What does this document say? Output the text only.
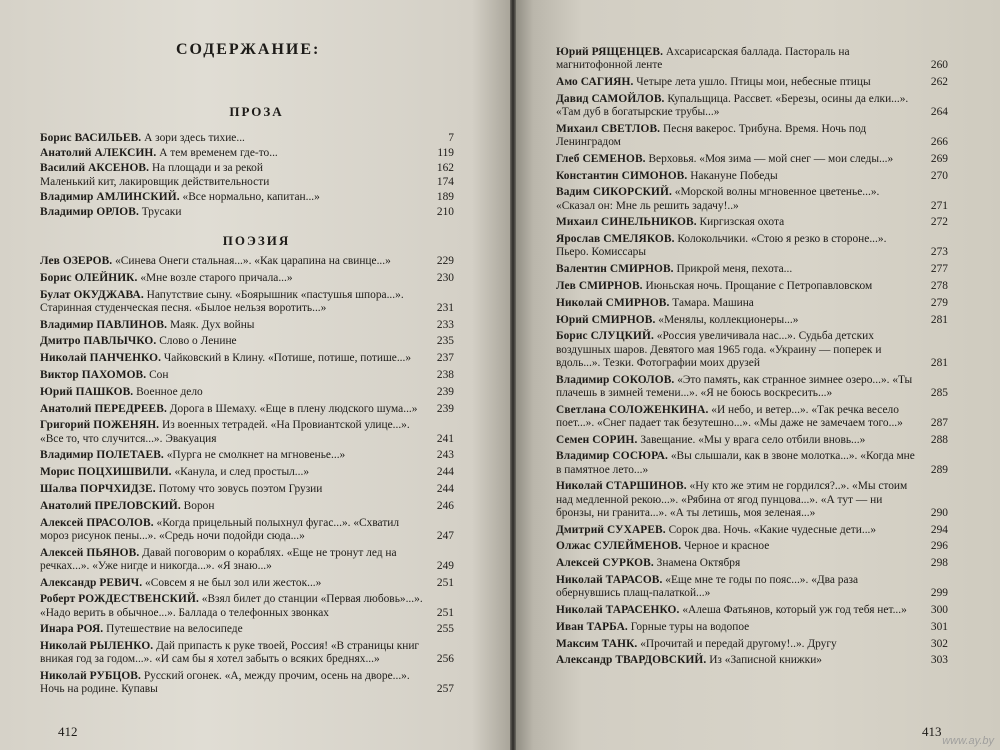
СОДЕРЖАНИЕ:
ПРОЗА
ПОЭЗИЯ
Борис ВАСИЛЬЕВ. А зори здесь тихие...	7
Анатолий АЛЕКСИН. А тем временем где-то...	119
Василий АКСЕНОВ. На площади и за рекой	162
Маленький кит, лакировщик действительности	174
Владимир АМЛИНСКИЙ. «Все нормально, капитан...»	189
Владимир ОРЛОВ. Трусаки	210
Лев ОЗЕРОВ. «Синева Онеги стальная...». «Как царапина на свинце...»	229
Борис ОЛЕЙНИК. «Мне возле старого причала...»	230
Булат ОКУДЖАВА. Напутствие сыну. «Боярышник «пастушья шпора...». Старинная студенческая песня. «Былое нельзя воротить...»	231
Владимир ПАВЛИНОВ. Маяк. Дух войны	233
Дмитро ПАВЛЫЧКО. Слово о Ленине	235
Николай ПАНЧЕНКО. Чайковский в Клину. «Потише, потише, потише...»	237
Виктор ПАХОМОВ. Сон	238
Юрий ПАШКОВ. Военное дело	239
Анатолий ПЕРЕДРЕЕВ. Дорога в Шемаху. «Еще в плену людского шума...»	239
Григорий ПОЖЕНЯН. Из военных тетрадей. «На Провиантской улице...». «Все то, что случится...». Эвакуация	241
Владимир ПОЛЕТАЕВ. «Пурга не смолкнет на мгновенье...»	243
Морис ПОЦХИШВИЛИ. «Канула, и след простыл...»	244
Шалва ПОРЧХИДЗЕ. Потому что зовусь поэтом Грузии	244
Анатолий ПРЕЛОВСКИЙ. Ворон	246
Алексей ПРАСОЛОВ. «Когда прицельный полыхнул фугас...». «Схватил мороз рисунок пены...». «Средь ночи подойди сюда...»	247
Алексей ПЬЯНОВ. Давай поговорим о кораблях. «Еще не тронут лед на речках...». «Уже нигде и никогда...». «Я знаю...»	249
Александр РЕВИЧ. «Совсем я не был зол или жесток...»	251
Роберт РОЖДЕСТВЕНСКИЙ. «Взял билет до станции «Первая любовь»...». «Надо верить в обычное...». Баллада о телефонных звонках	251
Инара РОЯ. Путешествие на велосипеде	255
Николай РЫЛЕНКО. Дай припасть к руке твоей, Россия! «В страницы книг вникая год за годом...». «И сам бы я хотел забыть о всяких бреднях...»	256
Николай РУБЦОВ. Русский огонек. «А, между прочим, осень на дворе...». Ночь на родине. Купавы	257
Юрий РЯЩЕНЦЕВ. Ахсарисарская баллада. Пастораль на магнитофонной ленте	260
Амо САГИЯН. Четыре лета ушло. Птицы мои, небесные птицы	262
Давид САМОЙЛОВ. Купальщица. Рассвет. «Березы, осины да елки...». «Там дуб в богатырские трубы...»	264
Михаил СВЕТЛОВ. Песня вакерос. Трибуна. Время. Ночь под Ленинградом	266
Глеб СЕМЕНОВ. Верховья. «Моя зима — мой снег — мои следы...»	269
Константин СИМОНОВ. Накануне Победы	270
Вадим СИКОРСКИЙ. «Морской волны мгновенное цветенье...». «Сказал он: Мне ль решить задачу!..»	271
Михаил СИНЕЛЬНИКОВ. Киргизская охота	272
Ярослав СМЕЛЯКОВ. Колокольчики. «Стою я резко в стороне...». Пьеро. Комиссары	273
Валентин СМИРНОВ. Прикрой меня, пехота...	277
Лев СМИРНОВ. Июньская ночь. Прощание с Петропавловском	278
Николай СМИРНОВ. Тамара. Машина	279
Юрий СМИРНОВ. «Менялы, коллекционеры...»	281
Борис СЛУЦКИЙ. «Россия увеличивала нас...». Судьба детских воздушных шаров. Девятого мая 1965 года. «Украину — поперек и вдоль...». Тезки. Фотографии моих друзей	281
Владимир СОКОЛОВ. «Это память, как странное зимнее озеро...». «Ты плачешь в зимней темени...». «Я не боюсь воскресить...»	285
Светлана СОЛОЖЕНКИНА. «И небо, и ветер...». «Так речка весело поет...». «Снег падает так безутешно...». «Мы даже не замечаем того...»	287
Семен СОРИН. Завещание. «Мы у врага село отбили вновь...»	288
Владимир СОСЮРА. «Вы слышали, как в звоне молотка...». «Когда мне в памятное лето...»	289
Николай СТАРШИНОВ. «Ну кто же этим не гордился?..». «Мы стоим над медленной рекою...». «Рябина от ягод пунцова...». «А тут — ни бронзы, ни гранита...». «А ты летишь, моя зеленая...»	290
Дмитрий СУХАРЕВ. Сорок два. Ночь. «Какие чудесные дети...»	294
Олжас СУЛЕЙМЕНОВ. Черное и красное	296
Алексей СУРКОВ. Знамена Октября	298
Николай ТАРАСОВ. «Еще мне те годы по пояс...». «Два раза обернувшись плащ-палаткой...»	299
Николай ТАРАСЕНКО. «Алеша Фатьянов, который уж год тебя нет...»	300
Иван ТАРБА. Горные туры на водопое	301
Максим ТАНК. «Прочитай и передай другому!..». Другу	302
Александр ТВАРДОВСКИЙ. Из «Записной книжки»	303
412	413
www.ay.by
